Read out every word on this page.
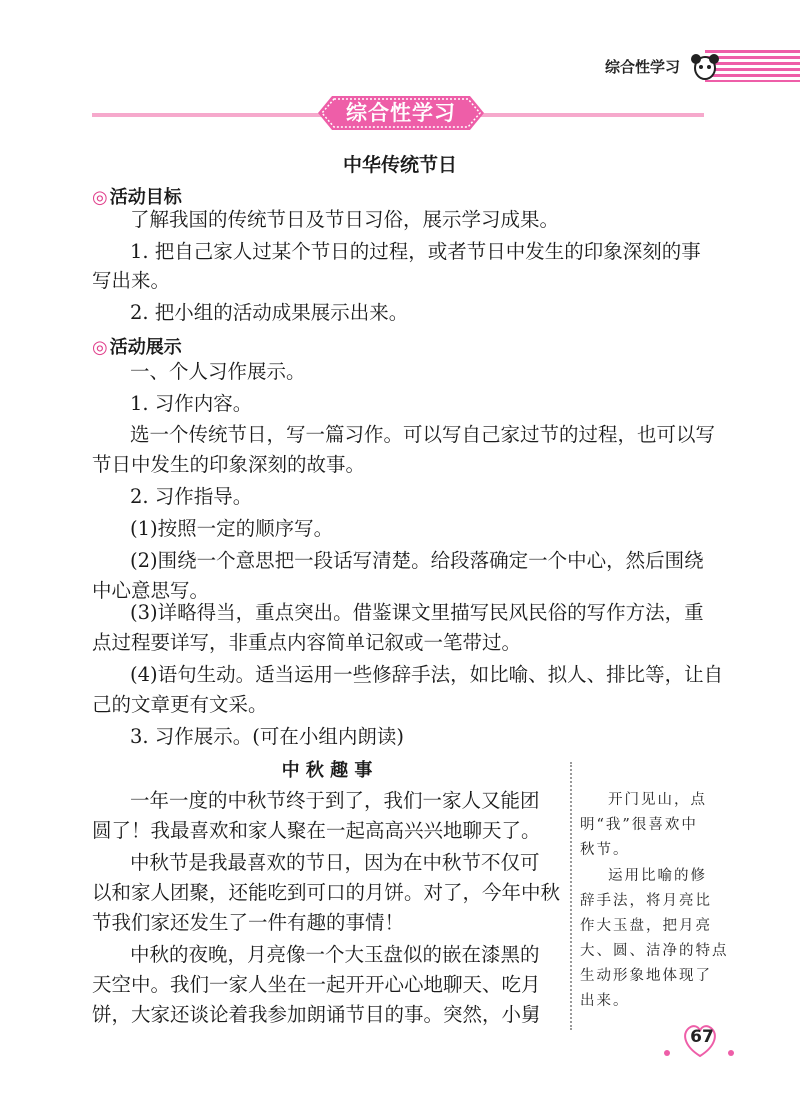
综合性学习
综合性学习
中华传统节日
◎ 活动目标
了解我国的传统节日及节日习俗，展示学习成果。
1. 把自己家人过某个节日的过程，或者节日中发生的印象深刻的事
写出来。
2. 把小组的活动成果展示出来。
◎ 活动展示
一、个人习作展示。
1. 习作内容。
选一个传统节日，写一篇习作。可以写自己家过节的过程，也可以写
节日中发生的印象深刻的故事。
2. 习作指导。
(1)按照一定的顺序写。
(2)围绕一个意思把一段话写清楚。给段落确定一个中心，然后围绕
中心意思写。
(3)详略得当，重点突出。借鉴课文里描写民风民俗的写作方法，重
点过程要详写，非重点内容简单记叙或一笔带过。
(4)语句生动。适当运用一些修辞手法，如比喻、拟人、排比等，让自
己的文章更有文采。
3. 习作展示。(可在小组内朗读)
中 秋 趣 事
一年一度的中秋节终于到了，我们一家人又能团
圆了！我最喜欢和家人聚在一起高高兴兴地聊天了。
中秋节是我最喜欢的节日，因为在中秋节不仅可
以和家人团聚，还能吃到可口的月饼。对了，今年中秋
节我们家还发生了一件有趣的事情！
中秋的夜晚，月亮像一个大玉盘似的嵌在漆黑的
天空中。我们一家人坐在一起开开心心地聊天、吃月
饼，大家还谈论着我参加朗诵节目的事。突然，小舅
开门见山，点
明“我”很喜欢中
秋节。
运用比喻的修
辞手法，将月亮比
作大玉盘，把月亮
大、圆、洁净的特点
生动形象地体现了
出来。
67
